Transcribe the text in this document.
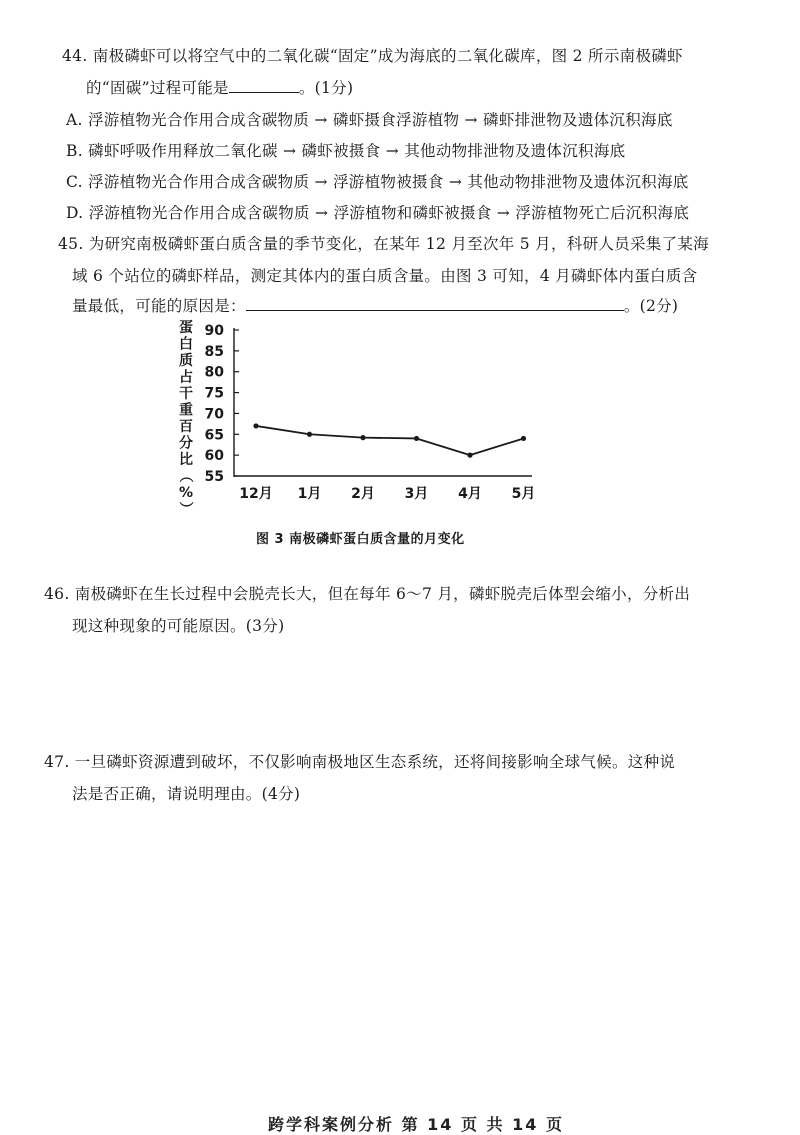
44. 南极磷虾可以将空气中的二氧化碳“固定”成为海底的二氧化碳库，图 2 所示南极磷虾
的“固碳”过程可能是	。(1分)
A. 浮游植物光合作用合成含碳物质 → 磷虾摄食浮游植物 → 磷虾排泄物及遗体沉积海底
B. 磷虾呼吸作用释放二氧化碳 → 磷虾被摄食 → 其他动物排泄物及遗体沉积海底
C. 浮游植物光合作用合成含碳物质 → 浮游植物被摄食 → 其他动物排泄物及遗体沉积海底
D. 浮游植物光合作用合成含碳物质 → 浮游植物和磷虾被摄食 → 浮游植物死亡后沉积海底
45. 为研究南极磷虾蛋白质含量的季节变化，在某年 12 月至次年 5 月，科研人员采集了某海
域 6 个站位的磷虾样品，测定其体内的蛋白质含量。由图 3 可知，4 月磷虾体内蛋白质含
量最低，可能的原因是：	。(2分)
蛋
白
质
占
干
重
百
分
比
（
%
）
55
60
65
70
75
80
85
90
12月 1月 2月 3月 4月 5月
图 3 南极磷虾蛋白质含量的月变化
46. 南极磷虾在生长过程中会脱壳长大，但在每年 6～7 月，磷虾脱壳后体型会缩小，分析出
现这种现象的可能原因。(3分)
47. 一旦磷虾资源遭到破坏，不仅影响南极地区生态系统，还将间接影响全球气候。这种说
法是否正确，请说明理由。(4分)
跨学科案例分析 第 14 页 共 14 页
